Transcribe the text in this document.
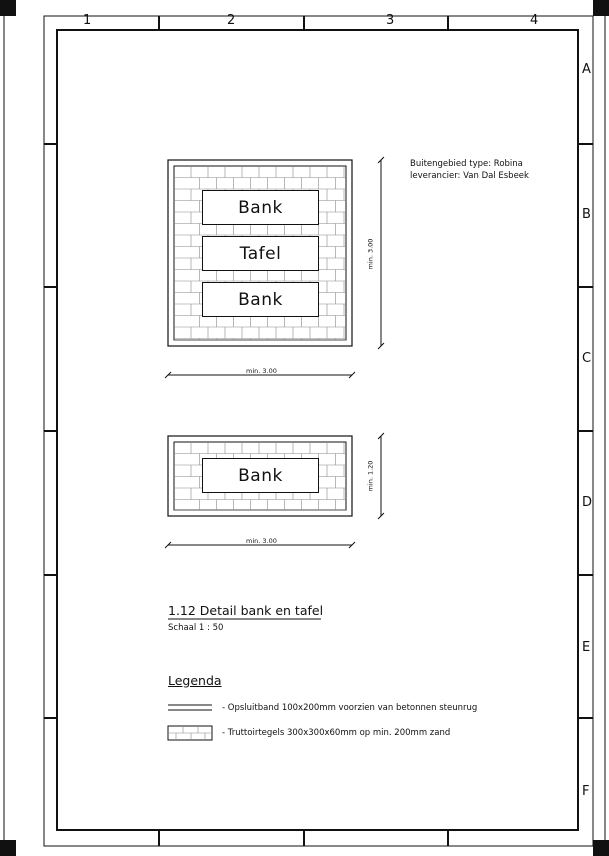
1	2	3	4
A
B
C
D
E
F
Buitengebied type: Robina
leverancier: Van Dal Esbeek
Bank
Tafel
Bank
Bank
min. 3.00
min. 3.00
min. 3.00
min. 1.20
1.12 Detail bank en tafel
Schaal 1 : 50
Legenda
- Opsluitband 100x200mm voorzien van betonnen steunrug
- Truttoirtegels 300x300x60mm op min. 200mm zand
